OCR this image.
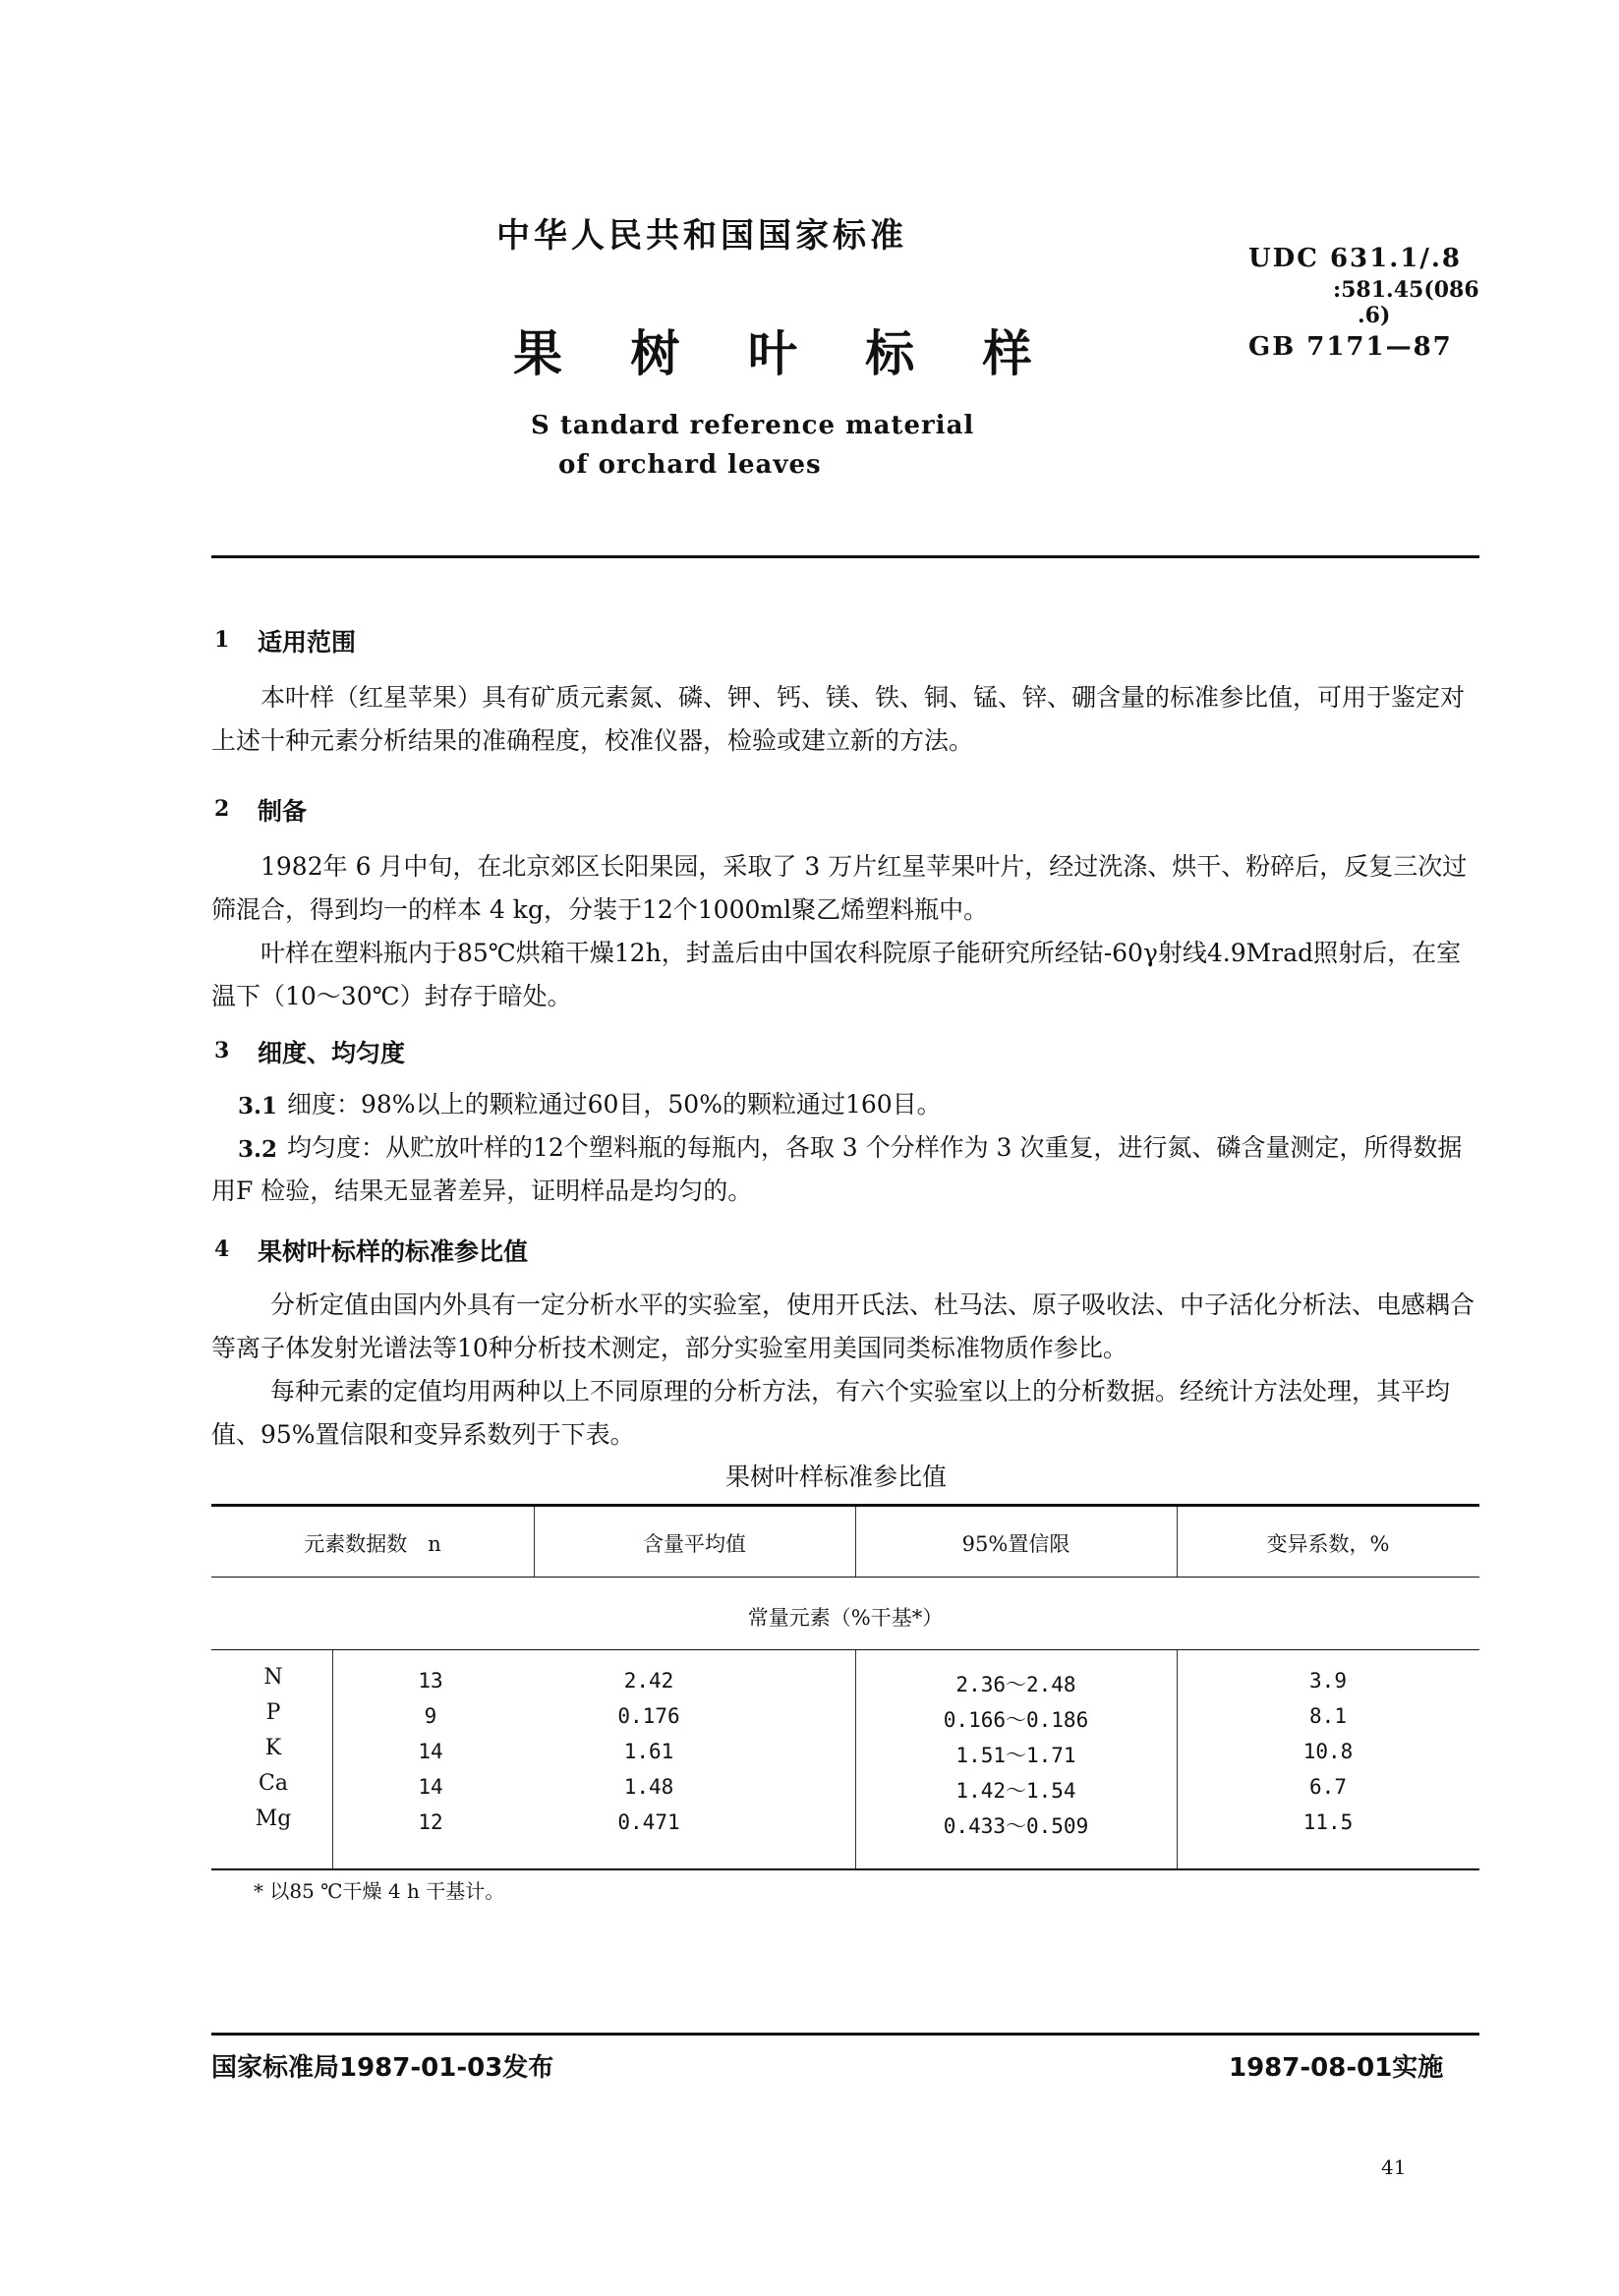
中华人民共和国国家标准
果 树 叶 标 样
S tandard reference material
of orchard leaves
UDC 631.1/.8
:581.45(086
.6)
GB 7171—87
1 适用范围
本叶样（红星苹果）具有矿质元素氮、磷、钾、钙、镁、铁、铜、锰、锌、硼含量的标准参比值，可用于鉴定对上述十种元素分析结果的准确程度，校准仪器，检验或建立新的方法。
2 制备
1982年 6 月中旬，在北京郊区长阳果园，采取了 3 万片红星苹果叶片，经过洗涤、烘干、粉碎后，反复三次过筛混合，得到均一的样本 4 kg，分装于12个1000ml聚乙烯塑料瓶中。
叶样在塑料瓶内于85℃烘箱干燥12h，封盖后由中国农科院原子能研究所经钴-60γ射线4.9Mrad照射后，在室温下（10～30℃）封存于暗处。
3 细度、均匀度
3.1 细度：98%以上的颗粒通过60目，50%的颗粒通过160目。
3.2 均匀度：从贮放叶样的12个塑料瓶的每瓶内，各取 3 个分样作为 3 次重复，进行氮、磷含量测定，所得数据用F 检验，结果无显著差异，证明样品是均匀的。
4 果树叶标样的标准参比值
分析定值由国内外具有一定分析水平的实验室，使用开氏法、杜马法、原子吸收法、中子活化分析法、电感耦合等离子体发射光谱法等10种分析技术测定，部分实验室用美国同类标准物质作参比。
每种元素的定值均用两种以上不同原理的分析方法，有六个实验室以上的分析数据。经统计方法处理，其平均值、95%置信限和变异系数列于下表。
果树叶样标准参比值
元素数据数　n	含量平均值	95%置信限	变异系数，%
常量元素（%干基*）
N	13	2.42	2.36～2.48	3.9
P	9	0.176	0.166～0.186	8.1
K	14	1.61	1.51～1.71	10.8
Ca	14	1.48	1.42～1.54	6.7
Mg	12	0.471	0.433～0.509	11.5
* 以85 ℃干燥 4 h 干基计。
国家标准局1987-01-03发布	1987-08-01实施
41
